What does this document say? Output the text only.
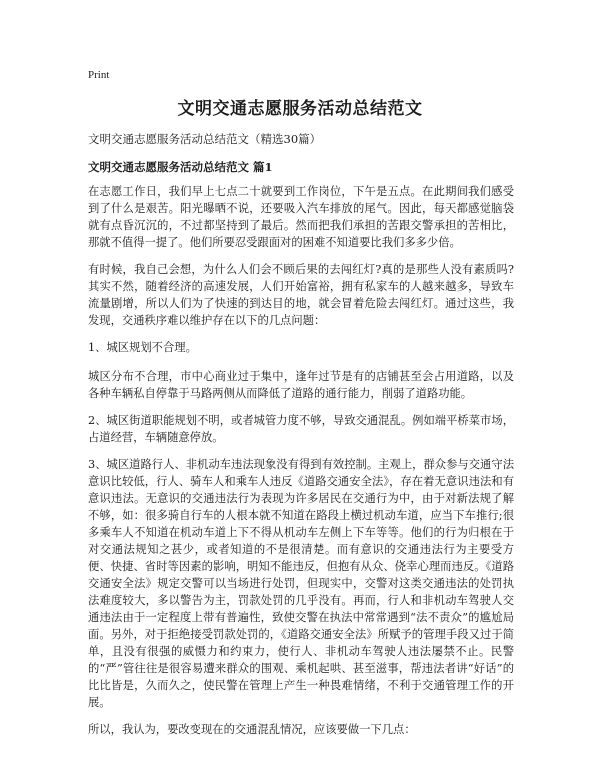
Print
文明交通志愿服务活动总结范文
文明交通志愿服务活动总结范文（精选30篇）
文明交通志愿服务活动总结范文 篇1

在志愿工作日，我们早上七点二十就要到工作岗位，下午是五点。在此期间我们感受到了什么是艰苦。阳光曝晒不说，还要吸入汽车排放的尾气。因此，每天都感觉脑袋就有点昏沉沉的，不过都坚持到了最后。然而把我们承担的苦跟交警承担的苦相比，那就不值得一提了。他们所要忍受跟面对的困难不知道要比我们多多少倍。

有时候，我自己会想，为什么人们会不顾后果的去闯红灯?真的是那些人没有素质吗?其实不然，随着经济的高速发展，人们开始富裕，拥有私家车的人越来越多，导致车流量剧增，所以人们为了快速的到达目的地，就会冒着危险去闯红灯。通过这些，我发现，交通秩序难以维护存在以下的几点问题：

1、城区规划不合理。

城区分布不合理，市中心商业过于集中，逢年过节是有的店铺甚至会占用道路，以及各种车辆私自停靠于马路两侧从而降低了道路的通行能力，削弱了道路功能。

2、城区街道职能规划不明，或者城管力度不够，导致交通混乱。例如端平桥菜市场，占道经营，车辆随意停放。

3、城区道路行人、非机动车违法现象没有得到有效控制。主观上，群众参与交通守法意识比较低，行人、骑车人和乘车人违反《道路交通安全法》，存在着无意识违法和有意识违法。无意识的交通违法行为表现为许多居民在交通行为中，由于对新法规了解不够，如：很多骑自行车的人根本就不知道在路段上横过机动车道，应当下车推行;很多乘车人不知道在机动车道上下不得从机动车左侧上下车等等。他们的行为归根在于对交通法规知之甚少，或者知道的不是很清楚。而有意识的交通违法行为主要受方便、快捷、省时等因素的影响，明知不能违反，但抱有从众、侥幸心理而违反。《道路交通安全法》规定交警可以当场进行处罚，但现实中，交警对这类交通违法的处罚执法难度较大，多以警告为主，罚款处罚的几乎没有。再而，行人和非机动车驾驶人交通违法由于一定程度上带有普遍性，致使交警在执法中常常遇到“法不责众”的尴尬局面。另外，对于拒绝接受罚款处罚的，《道路交通安全法》所赋予的管理手段又过于简单，且没有很强的威慑力和约束力，使行人、非机动车驾驶人违法屡禁不止。民警的“严”管往往是很容易遭来群众的围观、乘机起哄、甚至滋事，帮违法者讲“好话”的比比皆是，久而久之，使民警在管理上产生一种畏难情绪，不利于交通管理工作的开展。

所以，我认为，要改变现在的交通混乱情况，应该要做一下几点：
